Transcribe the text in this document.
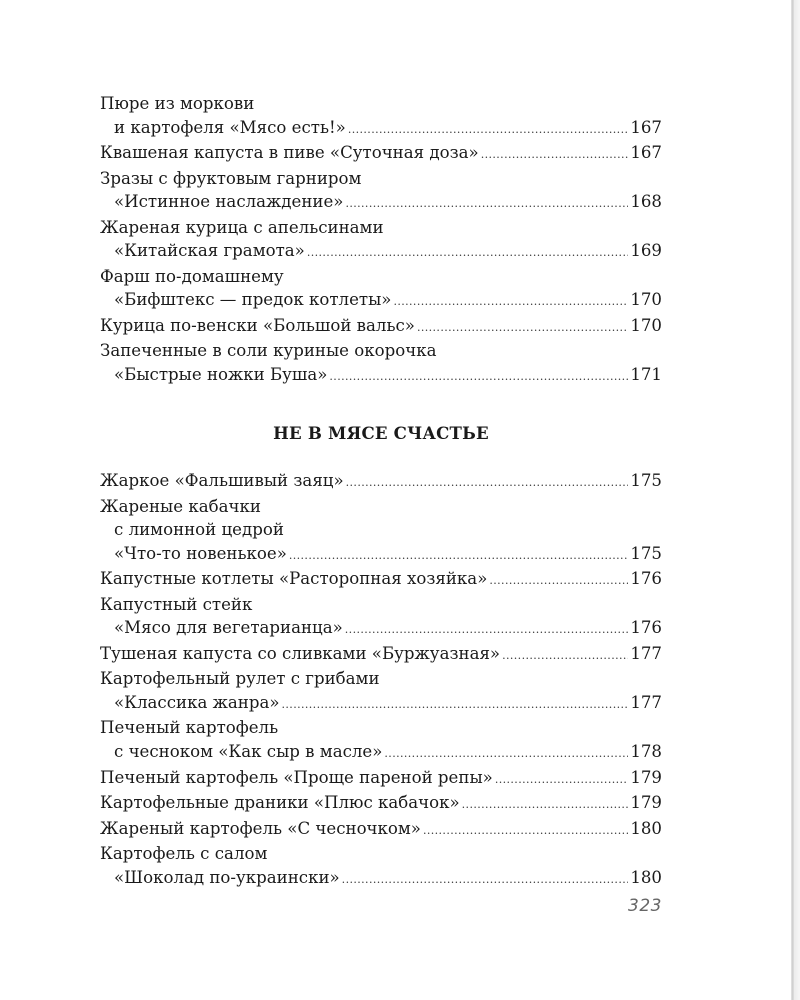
Пюре из моркови
и картофеля «Мясо есть!» .....	167
Квашеная капуста в пиве «Суточная доза» .....	167
Зразы с фруктовым гарниром
«Истинное наслаждение» .....	168
Жареная курица с апельсинами
«Китайская грамота» .....	169
Фарш по-домашнему
«Бифштекс — предок котлеты» .....	170
Курица по-венски «Большой вальс» .....	170
Запеченные в соли куриные окорочка
«Быстрые ножки Буша» .....	171
НЕ В МЯСЕ СЧАСТЬЕ
Жаркое «Фальшивый заяц» .....	175
Жареные кабачки
с лимонной цедрой
«Что-то новенькое» .....	175
Капустные котлеты «Расторопная хозяйка» .....	176
Капустный стейк
«Мясо для вегетарианца» .....	176
Тушеная капуста со сливками «Буржуазная» .....	177
Картофельный рулет с грибами
«Классика жанра» .....	177
Печеный картофель
с чесноком «Как сыр в масле» .....	178
Печеный картофель «Проще пареной репы» .....	179
Картофельные драники «Плюс кабачок» .....	179
Жареный картофель «С чесночком» .....	180
Картофель с салом
«Шоколад по-украински» .....	180
323
